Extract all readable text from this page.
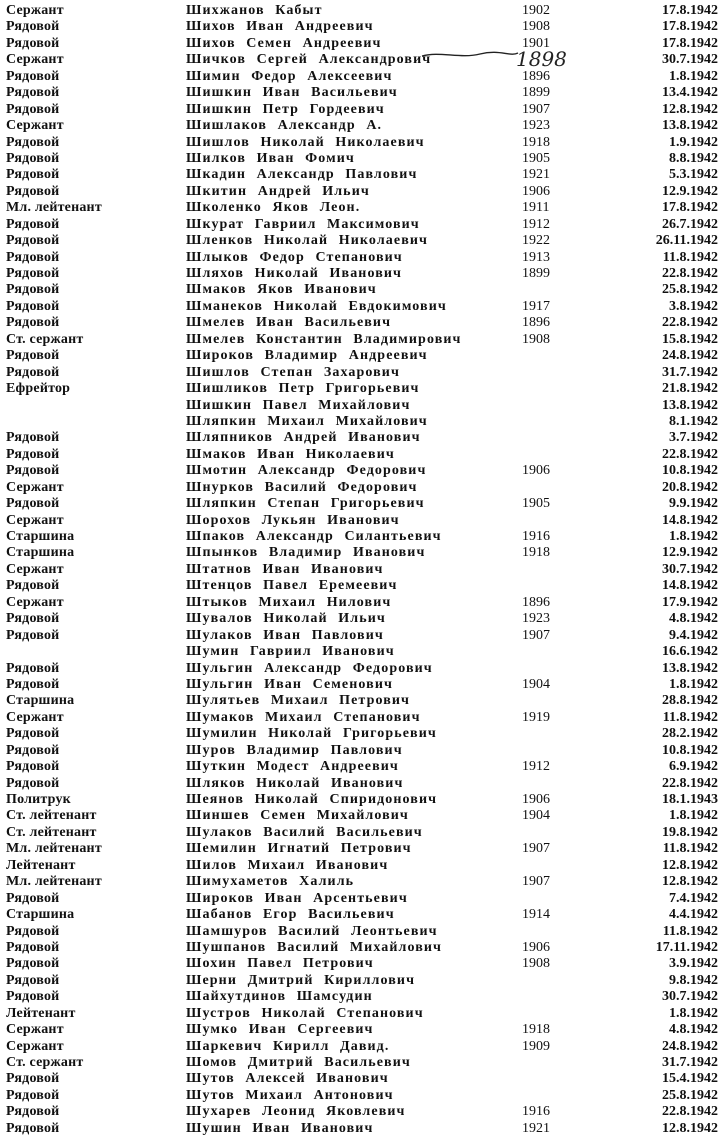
Сержант	Шихжанов Кабыт	1902	17.8.1942
Рядовой	Шихов Иван Андреевич	1908	17.8.1942
Рядовой	Шихов Семен Андреевич	1901	17.8.1942
Сержант	Шичков Сергей Александрович	30.7.1942
Рядовой	Шимин Федор Алексеевич	1896	1.8.1942
Рядовой	Шишкин Иван Васильевич	1899	13.4.1942
Рядовой	Шишкин Петр Гордеевич	1907	12.8.1942
Сержант	Шишлаков Александр А.	1923	13.8.1942
Рядовой	Шишлов Николай Николаевич	1918	1.9.1942
Рядовой	Шилков Иван Фомич	1905	8.8.1942
Рядовой	Шкадин Александр Павлович	1921	5.3.1942
Рядовой	Шкитин Андрей Ильич	1906	12.9.1942
Мл. лейтенант	Школенко Яков Леон.	1911	17.8.1942
Рядовой	Шкурат Гавриил Максимович	1912	26.7.1942
Рядовой	Шленков Николай Николаевич	1922	26.11.1942
Рядовой	Шлыков Федор Степанович	1913	11.8.1942
Рядовой	Шляхов Николай Иванович	1899	22.8.1942
Рядовой	Шмаков Яков Иванович	25.8.1942
Рядовой	Шманеков Николай Евдокимович	1917	3.8.1942
Рядовой	Шмелев Иван Васильевич	1896	22.8.1942
Ст. сержант	Шмелев Константин Владимирович	1908	15.8.1942
Рядовой	Широков Владимир Андреевич	24.8.1942
Рядовой	Шишлов Степан Захарович	31.7.1942
Ефрейтор	Шишликов Петр Григорьевич	21.8.1942
Шишкин Павел Михайлович	13.8.1942
Шляпкин Михаил Михайлович	8.1.1942
Рядовой	Шляпников Андрей Иванович	3.7.1942
Рядовой	Шмаков Иван Николаевич	22.8.1942
Рядовой	Шмотин Александр Федорович	1906	10.8.1942
Сержант	Шнурков Василий Федорович	20.8.1942
Рядовой	Шляпкин Степан Григорьевич	1905	9.9.1942
Сержант	Шорохов Лукьян Иванович	14.8.1942
Старшина	Шпаков Александр Силантьевич	1916	1.8.1942
Старшина	Шпынков Владимир Иванович	1918	12.9.1942
Сержант	Штатнов Иван Иванович	30.7.1942
Рядовой	Штенцов Павел Еремеевич	14.8.1942
Сержант	Штыков Михаил Нилович	1896	17.9.1942
Рядовой	Шувалов Николай Ильич	1923	4.8.1942
Рядовой	Шулаков Иван Павлович	1907	9.4.1942
Шумин Гавриил Иванович	16.6.1942
Рядовой	Шульгин Александр Федорович	13.8.1942
Рядовой	Шульгин Иван Семенович	1904	1.8.1942
Старшина	Шулятьев Михаил Петрович	28.8.1942
Сержант	Шумаков Михаил Степанович	1919	11.8.1942
Рядовой	Шумилин Николай Григорьевич	28.2.1942
Рядовой	Шуров Владимир Павлович	10.8.1942
Рядовой	Шуткин Модест Андреевич	1912	6.9.1942
Рядовой	Шляков Николай Иванович	22.8.1942
Политрук	Шеянов Николай Спиридонович	1906	18.1.1943
Ст. лейтенант	Шиншев Семен Михайлович	1904	1.8.1942
Ст. лейтенант	Шулаков Василий Васильевич	19.8.1942
Мл. лейтенант	Шемилин Игнатий Петрович	1907	11.8.1942
Лейтенант	Шилов Михаил Иванович	12.8.1942
Мл. лейтенант	Шимухаметов Халиль	1907	12.8.1942
Рядовой	Широков Иван Арсентьевич	7.4.1942
Старшина	Шабанов Егор Васильевич	1914	4.4.1942
Рядовой	Шамшуров Василий Леонтьевич	11.8.1942
Рядовой	Шушпанов Василий Михайлович	1906	17.11.1942
Рядовой	Шохин Павел Петрович	1908	3.9.1942
Рядовой	Шерни Дмитрий Кириллович	9.8.1942
Рядовой	Шайхутдинов Шамсудин	30.7.1942
Лейтенант	Шустров Николай Степанович	1.8.1942
Сержант	Шумко Иван Сергеевич	1918	4.8.1942
Сержант	Шаркевич Кирилл Давид.	1909	24.8.1942
Ст. сержант	Шомов Дмитрий Васильевич	31.7.1942
Рядовой	Шутов Алексей Иванович	15.4.1942
Рядовой	Шутов Михаил Антонович	25.8.1942
Рядовой	Шухарев Леонид Яковлевич	1916	22.8.1942
Рядовой	Шушин Иван Иванович	1921	12.8.1942
1898
